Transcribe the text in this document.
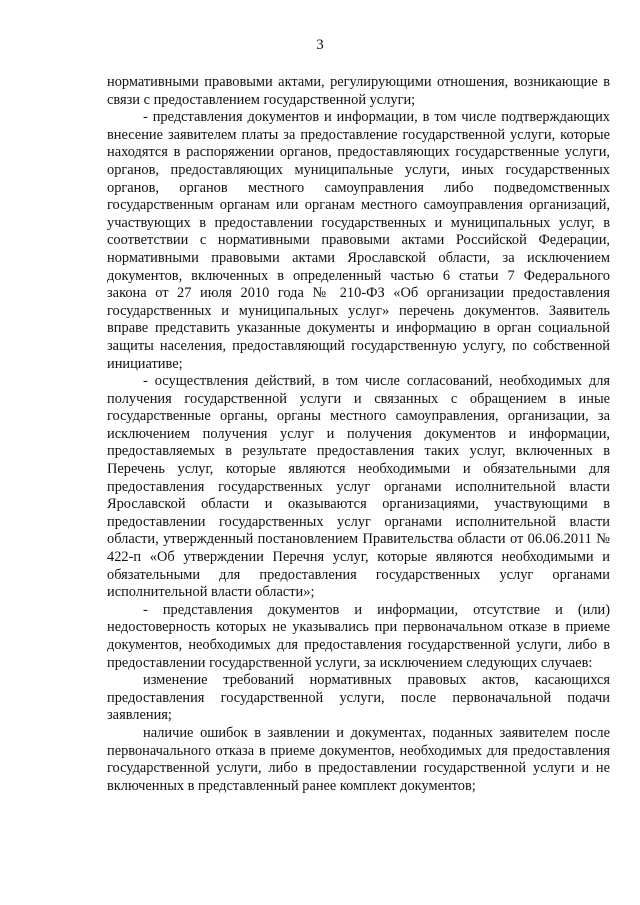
3

нормативными правовыми актами, регулирующими отношения, возникающие в связи с предоставлением государственной услуги;

- представления документов и информации, в том числе подтверждающих внесение заявителем платы за предоставление государственной услуги, которые находятся в распоряжении органов, предоставляющих государственные услуги, органов, предоставляющих муниципальные услуги, иных государственных органов, органов местного самоуправления либо подведомственных государственным органам или органам местного самоуправления организаций, участвующих в предоставлении государственных и муниципальных услуг, в соответствии с нормативными правовыми актами Российской Федерации, нормативными правовыми актами Ярославской области, за исключением документов, включенных в определенный частью 6 статьи 7 Федерального закона от 27 июля 2010 года № 210-ФЗ «Об организации предоставления государственных и муниципальных услуг» перечень документов. Заявитель вправе представить указанные документы и информацию в орган социальной защиты населения, предоставляющий государственную услугу, по собственной инициативе;

- осуществления действий, в том числе согласований, необходимых для получения государственной услуги и связанных с обращением в иные государственные органы, органы местного самоуправления, организации, за исключением получения услуг и получения документов и информации, предоставляемых в результате предоставления таких услуг, включенных в Перечень услуг, которые являются необходимыми и обязательными для предоставления государственных услуг органами исполнительной власти Ярославской области и оказываются организациями, участвующими в предоставлении государственных услуг органами исполнительной власти области, утвержденный постановлением Правительства области от 06.06.2011 № 422-п «Об утверждении Перечня услуг, которые являются необходимыми и обязательными для предоставления государственных услуг органами исполнительной власти области»;

- представления документов и информации, отсутствие и (или) недостоверность которых не указывались при первоначальном отказе в приеме документов, необходимых для предоставления государственной услуги, либо в предоставлении государственной услуги, за исключением следующих случаев:

изменение требований нормативных правовых актов, касающихся предоставления государственной услуги, после первоначальной подачи заявления;

наличие ошибок в заявлении и документах, поданных заявителем после первоначального отказа в приеме документов, необходимых для предоставления государственной услуги, либо в предоставлении государственной услуги и не включенных в представленный ранее комплект документов;
